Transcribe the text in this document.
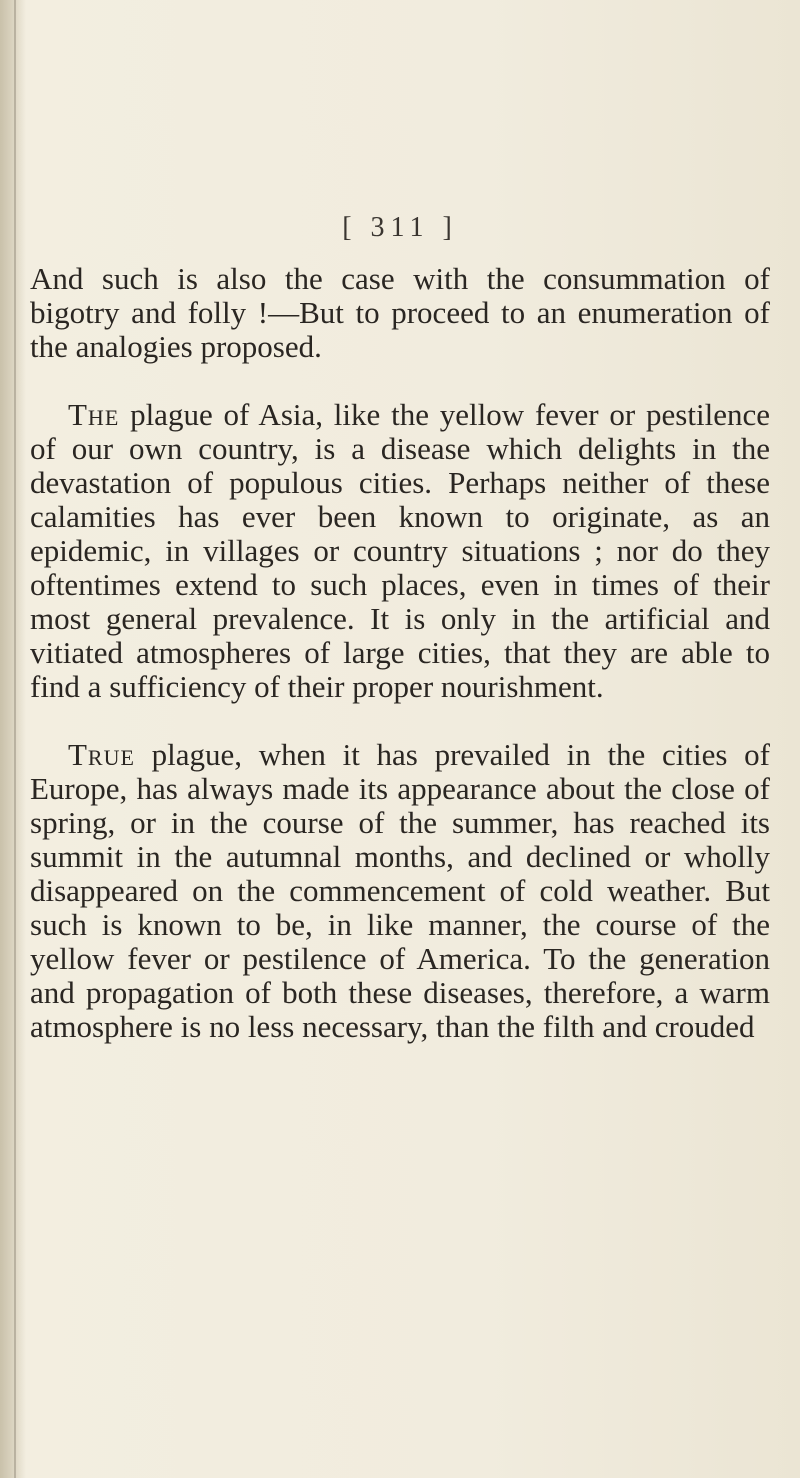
[ 311 ]

And such is also the case with the consummation of bigotry and folly !—But to proceed to an enumeration of the analogies proposed.

The plague of Asia, like the yellow fever or pestilence of our own country, is a disease which delights in the devastation of populous cities. Perhaps neither of these calamities has ever been known to originate, as an epidemic, in villages or country situations ; nor do they oftentimes extend to such places, even in times of their most general prevalence. It is only in the artificial and vitiated atmospheres of large cities, that they are able to find a sufficiency of their proper nourishment.

True plague, when it has prevailed in the cities of Europe, has always made its appearance about the close of spring, or in the course of the summer, has reached its summit in the autumnal months, and declined or wholly disappeared on the commencement of cold weather. But such is known to be, in like manner, the course of the yellow fever or pestilence of America. To the generation and propagation of both these diseases, therefore, a warm atmosphere is no less necessary, than the filth and crouded
